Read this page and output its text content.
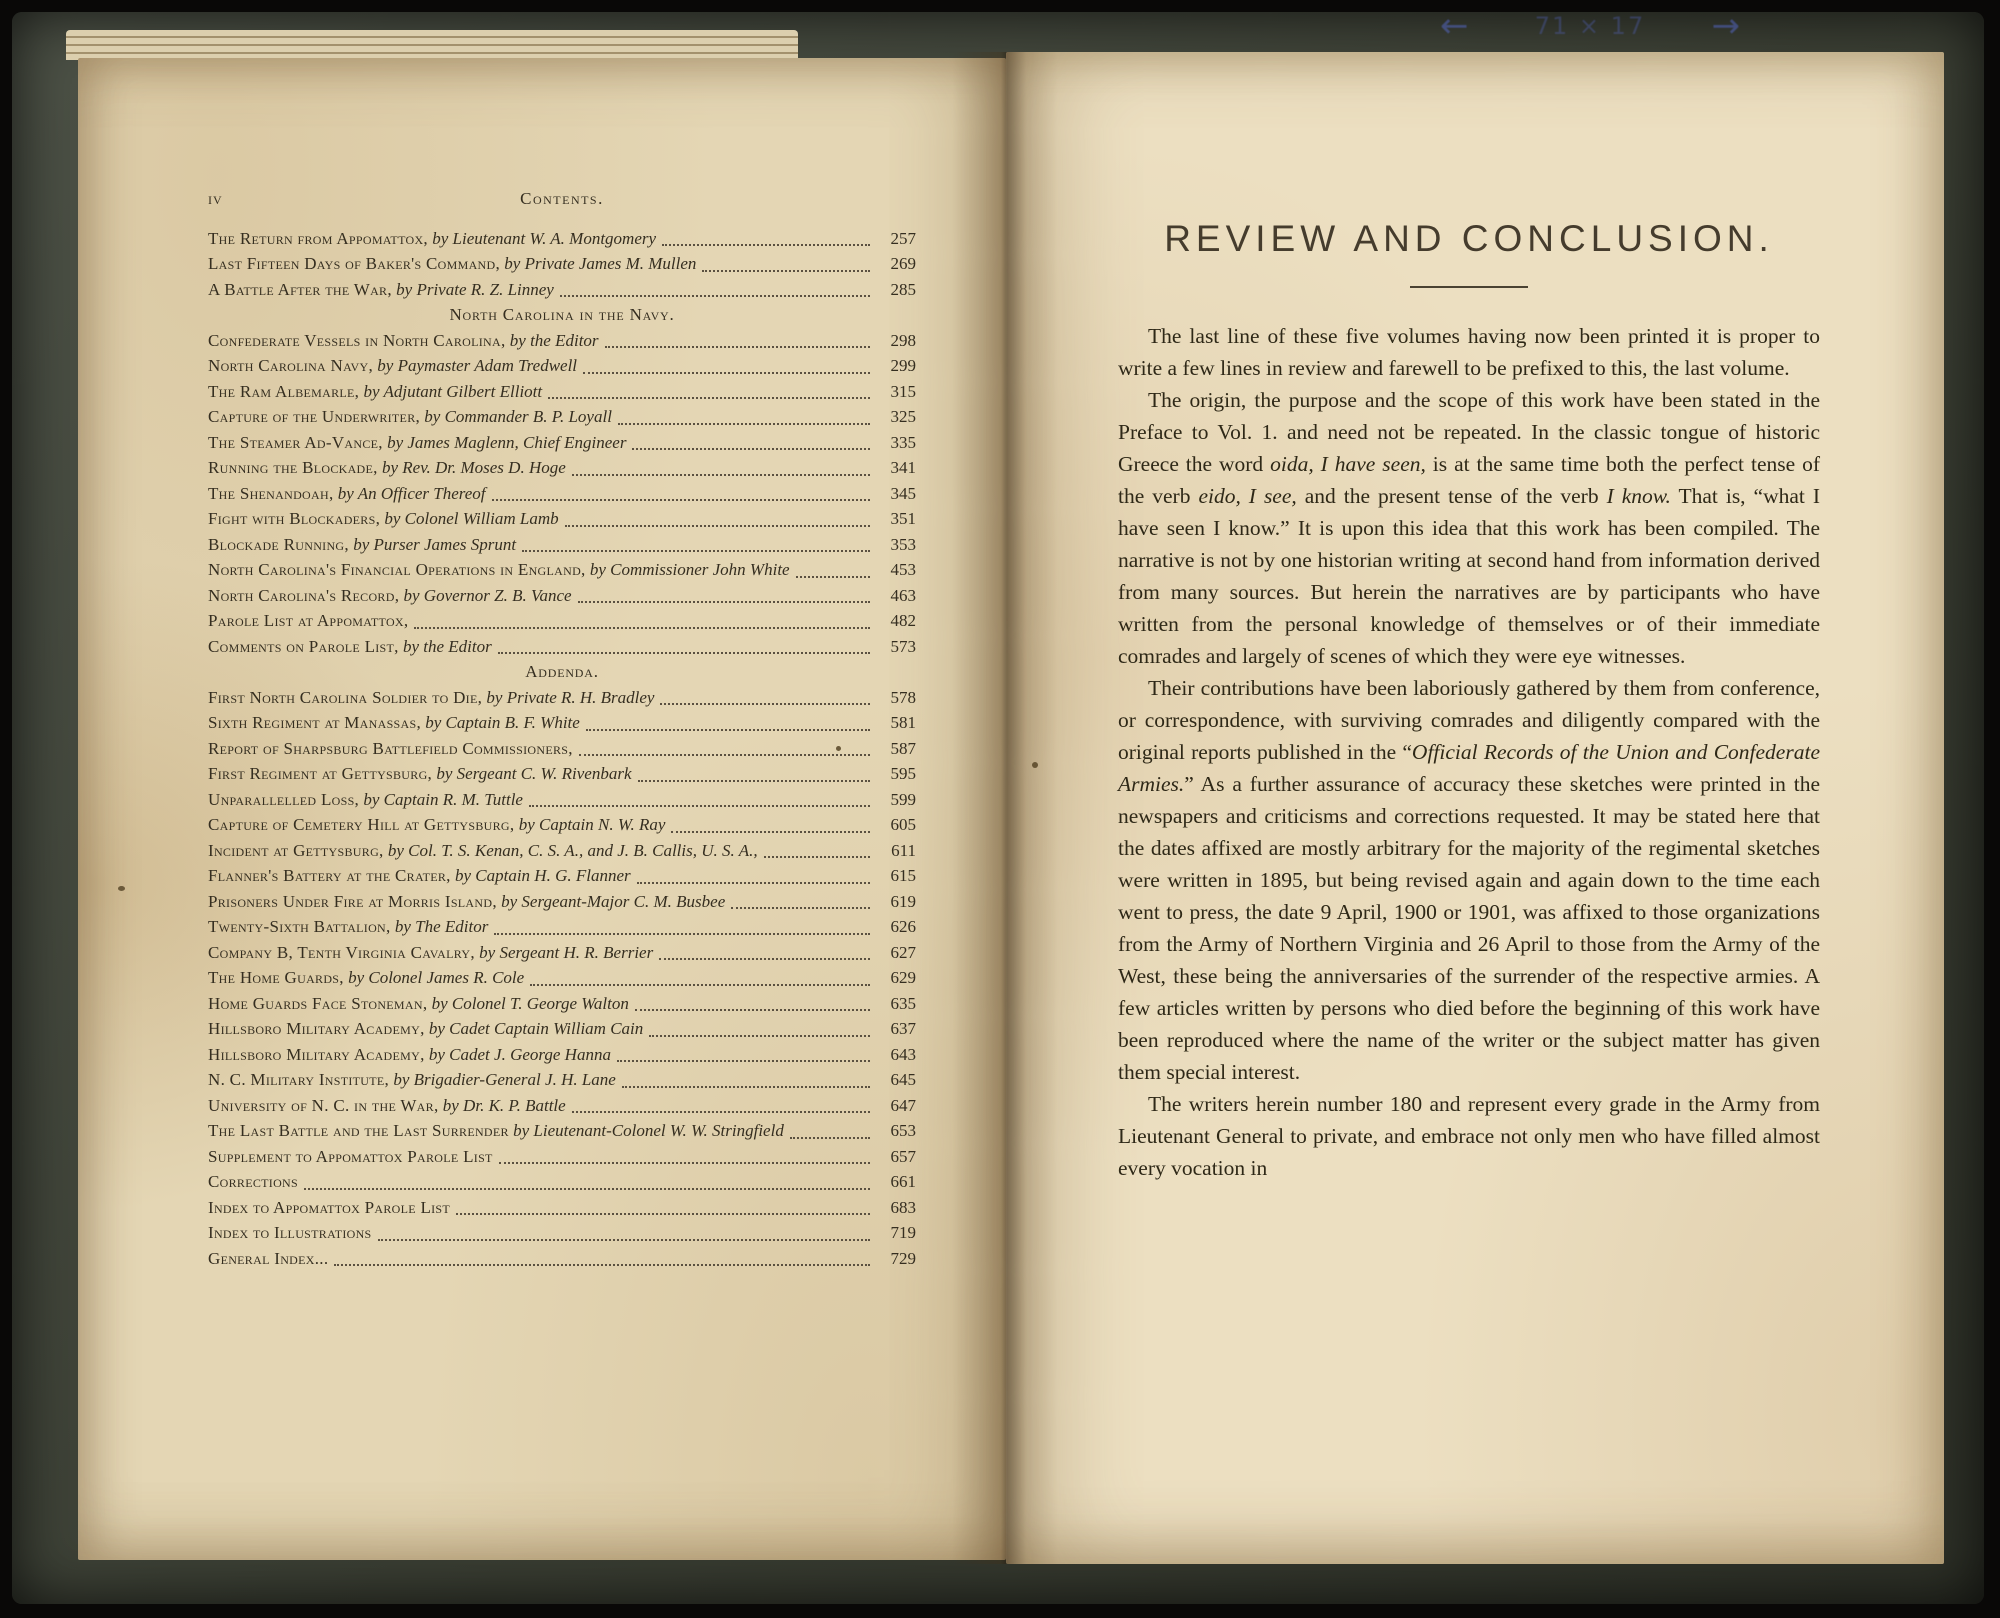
iv	Contents.
The Return from Appomattox, by Lieutenant W. A. Montgomery	257
Last Fifteen Days of Baker's Command, by Private James M. Mullen	269
A Battle After the War, by Private R. Z. Linney	285
North Carolina in the Navy.
Confederate Vessels in North Carolina, by the Editor	298
North Carolina Navy, by Paymaster Adam Tredwell	299
The Ram Albemarle, by Adjutant Gilbert Elliott	315
Capture of the Underwriter, by Commander B. P. Loyall	325
The Steamer Ad-Vance, by James Maglenn, Chief Engineer	335
Running the Blockade, by Rev. Dr. Moses D. Hoge	341
The Shenandoah, by An Officer Thereof	345
Fight with Blockaders, by Colonel William Lamb	351
Blockade Running, by Purser James Sprunt	353
North Carolina's Financial Operations in England, by Commissioner John White	453
North Carolina's Record, by Governor Z. B. Vance	463
Parole List at Appomattox,	482
Comments on Parole List, by the Editor	573
Addenda.
First North Carolina Soldier to Die, by Private R. H. Bradley	578
Sixth Regiment at Manassas, by Captain B. F. White	581
Report of Sharpsburg Battlefield Commissioners,	587
First Regiment at Gettysburg, by Sergeant C. W. Rivenbark	595
Unparallelled Loss, by Captain R. M. Tuttle	599
Capture of Cemetery Hill at Gettysburg, by Captain N. W. Ray	605
Incident at Gettysburg, by Col. T. S. Kenan, C. S. A., and J. B. Callis, U. S. A.,	611
Flanner's Battery at the Crater, by Captain H. G. Flanner	615
Prisoners Under Fire at Morris Island, by Sergeant-Major C. M. Busbee	619
Twenty-Sixth Battalion, by The Editor	626
Company B, Tenth Virginia Cavalry, by Sergeant H. R. Berrier	627
The Home Guards, by Colonel James R. Cole	629
Home Guards Face Stoneman, by Colonel T. George Walton	635
Hillsboro Military Academy, by Cadet Captain William Cain	637
Hillsboro Military Academy, by Cadet J. George Hanna	643
N. C. Military Institute, by Brigadier-General J. H. Lane	645
University of N. C. in the War, by Dr. K. P. Battle	647
The Last Battle and the Last Surrender by Lieutenant-Colonel W. W. Stringfield	653
Supplement to Appomattox Parole List	657
Corrections	661
Index to Appomattox Parole List	683
Index to Illustrations	719
General Index...	729
REVIEW AND CONCLUSION.

The last line of these five volumes having now been printed it is proper to write a few lines in review and farewell to be prefixed to this, the last volume.

The origin, the purpose and the scope of this work have been stated in the Preface to Vol. 1. and need not be repeated. In the classic tongue of historic Greece the word oida, I have seen, is at the same time both the perfect tense of the verb eido, I see, and the present tense of the verb I know. That is, “what I have seen I know.” It is upon this idea that this work has been compiled. The narrative is not by one historian writing at second hand from information derived from many sources. But herein the narratives are by participants who have written from the personal knowledge of themselves or of their immediate comrades and largely of scenes of which they were eye witnesses.

Their contributions have been laboriously gathered by them from conference, or correspondence, with surviving comrades and diligently compared with the original reports published in the “Official Records of the Union and Confederate Armies.” As a further assurance of accuracy these sketches were printed in the newspapers and criticisms and corrections requested. It may be stated here that the dates affixed are mostly arbitrary for the majority of the regimental sketches were written in 1895, but being revised again and again down to the time each went to press, the date 9 April, 1900 or 1901, was affixed to those organizations from the Army of Northern Virginia and 26 April to those from the Army of the West, these being the anniversaries of the surrender of the respective armies. A few articles written by persons who died before the beginning of this work have been reproduced where the name of the writer or the subject matter has given them special interest.

The writers herein number 180 and represent every grade in the Army from Lieutenant General to private, and embrace not only men who have filled almost every vocation in

←	71 × 17 →
